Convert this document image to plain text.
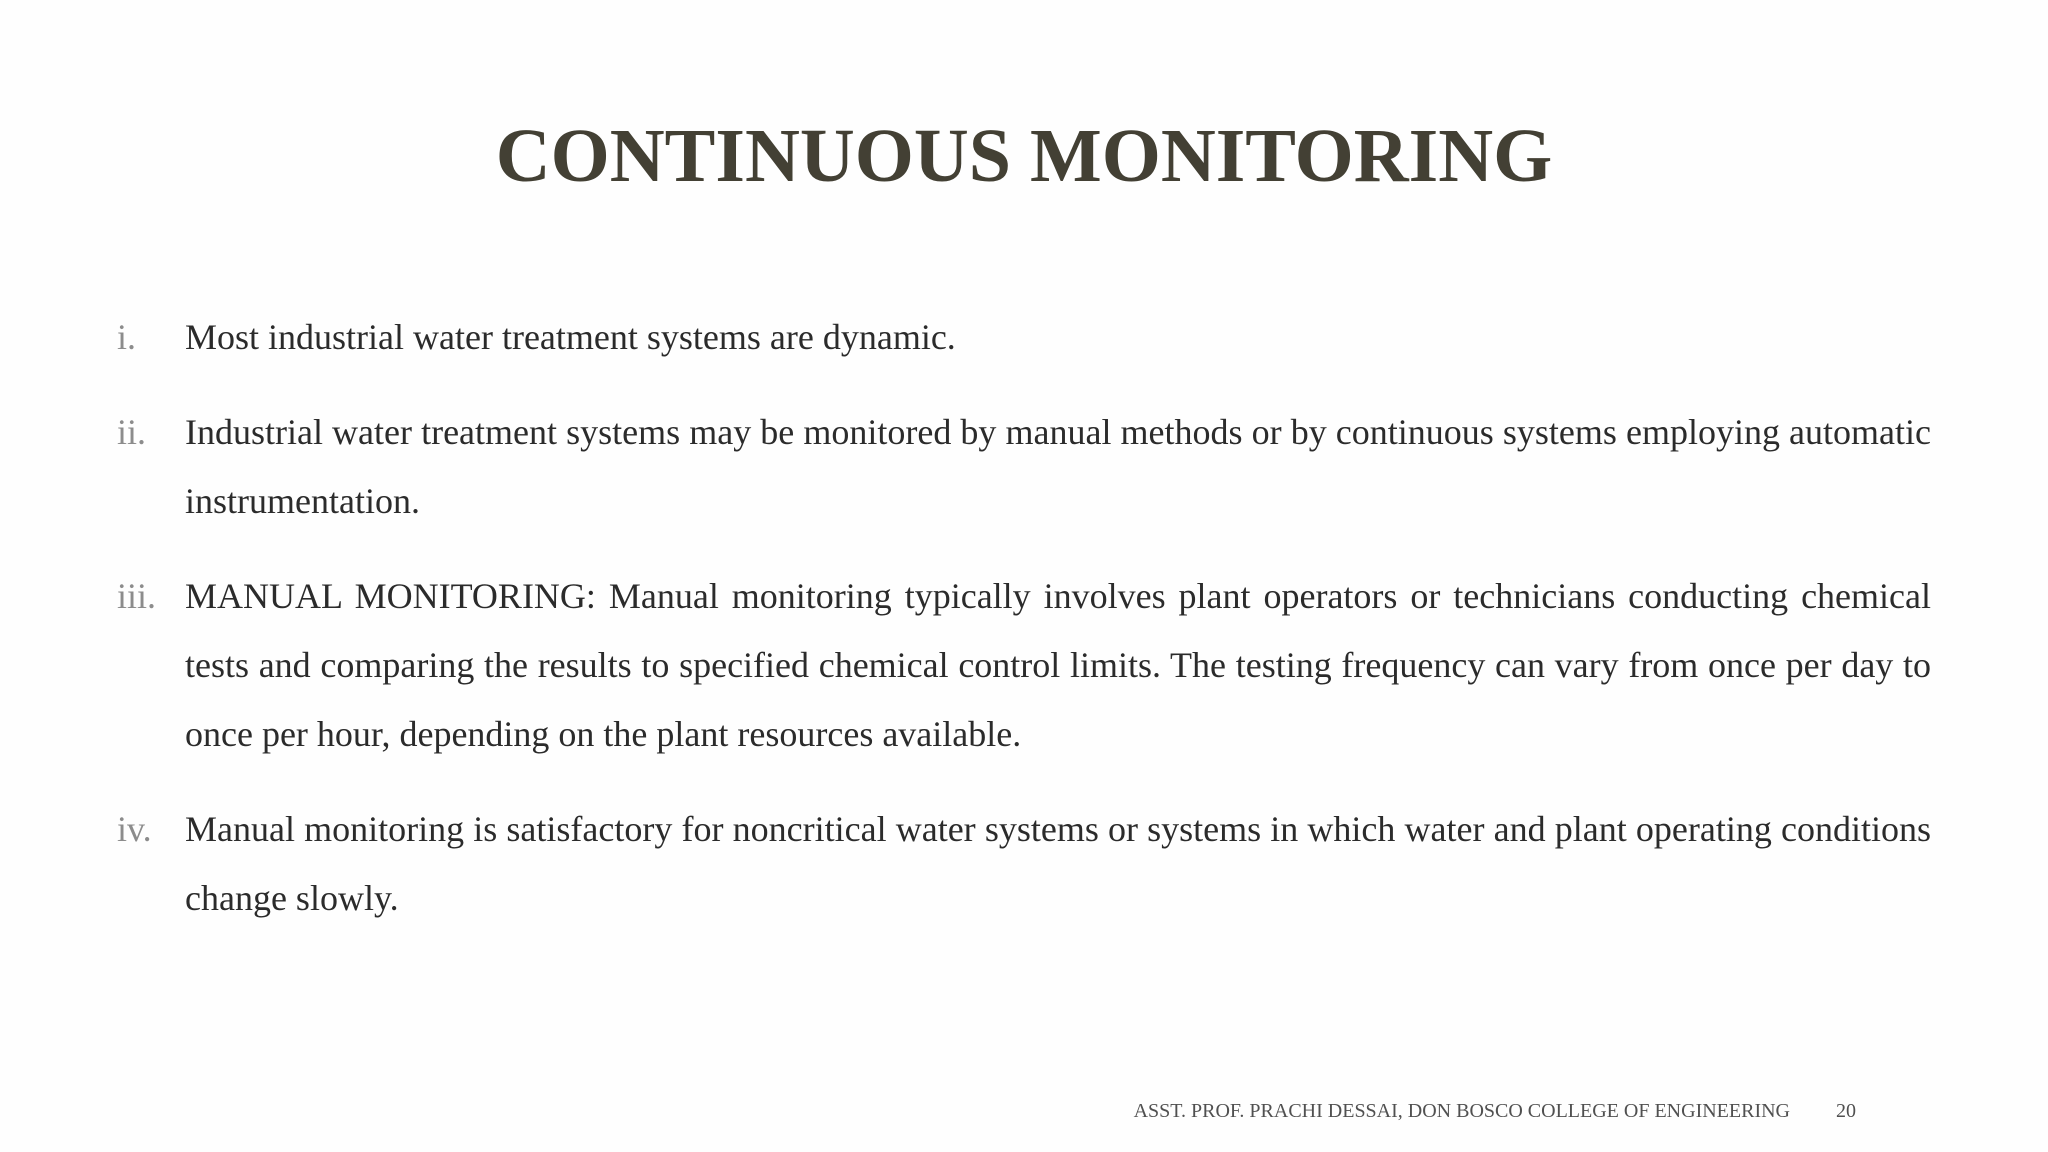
CONTINUOUS MONITORING
i. Most industrial water treatment systems are dynamic.

ii. Industrial water treatment systems may be monitored by manual methods or by continuous systems employing automatic instrumentation.

iii. MANUAL MONITORING: Manual monitoring typically involves plant operators or technicians conducting chemical tests and comparing the results to specified chemical control limits. The testing frequency can vary from once per day to once per hour, depending on the plant resources available.

iv. Manual monitoring is satisfactory for noncritical water systems or systems in which water and plant operating conditions change slowly.

ASST. PROF. PRACHI DESSAI, DON BOSCO COLLEGE OF ENGINEERING 20
